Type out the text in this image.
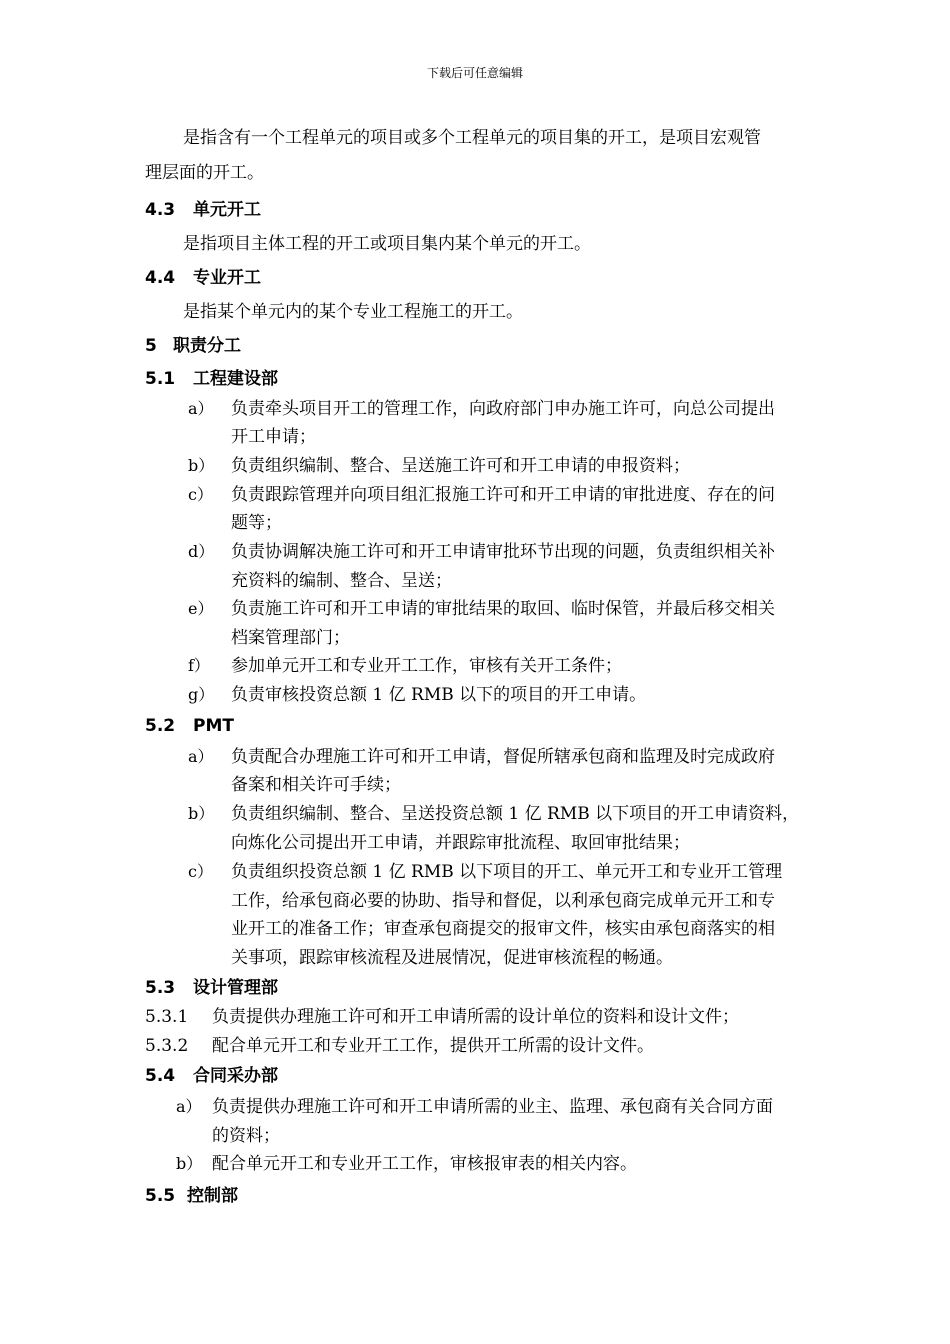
下载后可任意编辑
是指含有一个工程单元的项目或多个工程单元的项目集的开工，是项目宏观管
理层面的开工。
4.3 单元开工
是指项目主体工程的开工或项目集内某个单元的开工。
4.4 专业开工
是指某个单元内的某个专业工程施工的开工。
5 职责分工
5.1 工程建设部
a） 负责牵头项目开工的管理工作，向政府部门申办施工许可，向总公司提出
开工申请；
b） 负责组织编制、整合、呈送施工许可和开工申请的申报资料；
c） 负责跟踪管理并向项目组汇报施工许可和开工申请的审批进度、存在的问
题等；
d） 负责协调解决施工许可和开工申请审批环节出现的问题，负责组织相关补
充资料的编制、整合、呈送；
e） 负责施工许可和开工申请的审批结果的取回、临时保管，并最后移交相关
档案管理部门；
f） 参加单元开工和专业开工工作，审核有关开工条件；
g） 负责审核投资总额 1 亿 RMB 以下的项目的开工申请。
5.2 PMT
a） 负责配合办理施工许可和开工申请，督促所辖承包商和监理及时完成政府
备案和相关许可手续；
b） 负责组织编制、整合、呈送投资总额 1 亿 RMB 以下项目的开工申请资料，
向炼化公司提出开工申请，并跟踪审批流程、取回审批结果；
c） 负责组织投资总额 1 亿 RMB 以下项目的开工、单元开工和专业开工管理
工作，给承包商必要的协助、指导和督促，以利承包商完成单元开工和专
业开工的准备工作；审查承包商提交的报审文件，核实由承包商落实的相
关事项，跟踪审核流程及进展情况，促进审核流程的畅通。
5.3 设计管理部
5.3.1 负责提供办理施工许可和开工申请所需的设计单位的资料和设计文件；
5.3.2 配合单元开工和专业开工工作，提供开工所需的设计文件。
5.4 合同采办部
a） 负责提供办理施工许可和开工申请所需的业主、监理、承包商有关合同方面
的资料；
b） 配合单元开工和专业开工工作，审核报审表的相关内容。
5.5 控制部
